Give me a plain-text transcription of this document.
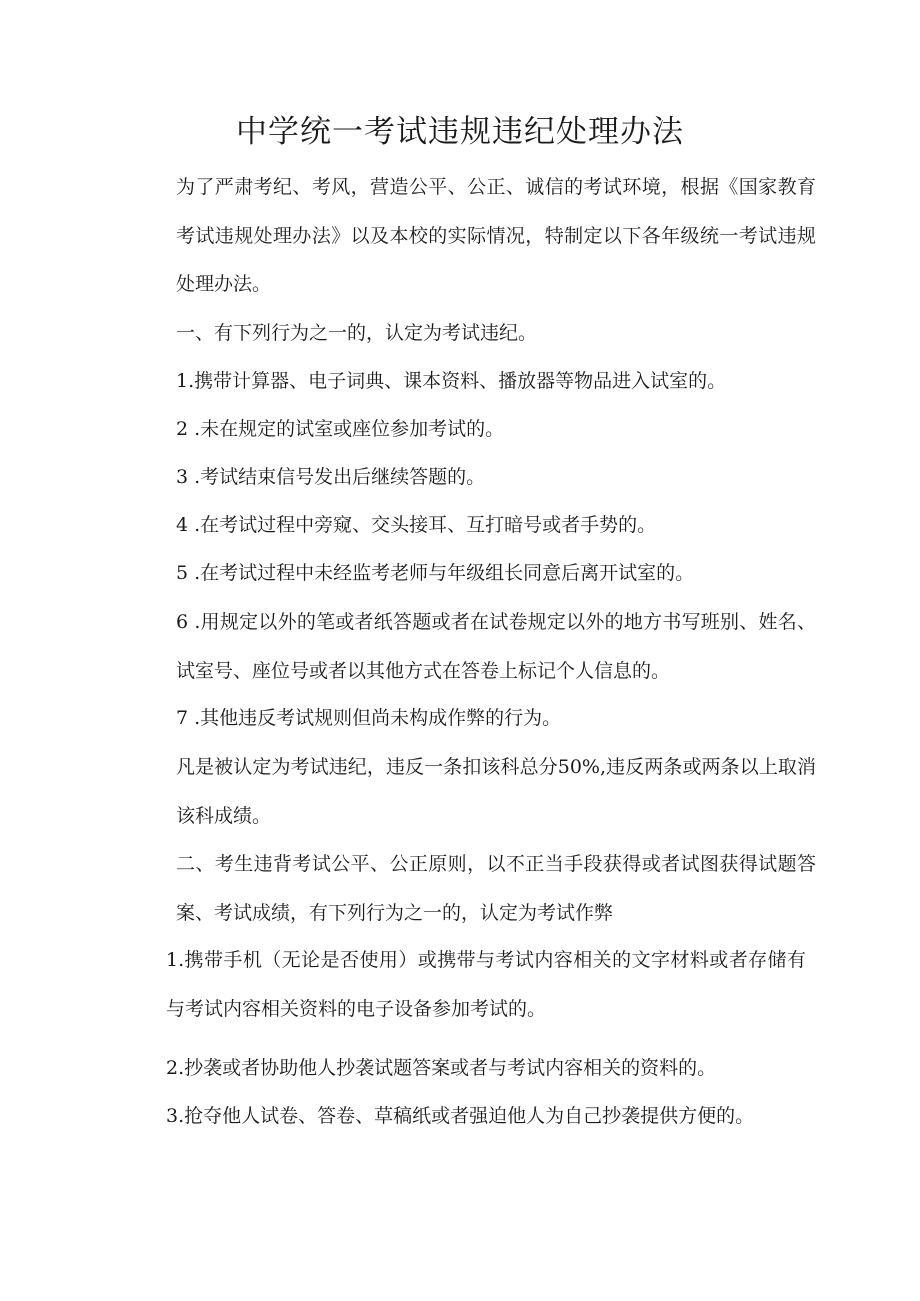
中学统一考试违规违纪处理办法

为了严肃考纪、考风，营造公平、公正、诚信的考试环境，根据《国家教育考试违规处理办法》以及本校的实际情况，特制定以下各年级统一考试违规处理办法。

一、有下列行为之一的，认定为考试违纪。

1.携带计算器、电子词典、课本资料、播放器等物品进入试室的。

2 .未在规定的试室或座位参加考试的。

3 .考试结束信号发出后继续答题的。

4 .在考试过程中旁窥、交头接耳、互打暗号或者手势的。

5 .在考试过程中未经监考老师与年级组长同意后离开试室的。

6 .用规定以外的笔或者纸答题或者在试卷规定以外的地方书写班别、姓名、试室号、座位号或者以其他方式在答卷上标记个人信息的。

7 .其他违反考试规则但尚未构成作弊的行为。

凡是被认定为考试违纪，违反一条扣该科总分50%,违反两条或两条以上取消该科成绩。

二、考生违背考试公平、公正原则，以不正当手段获得或者试图获得试题答案、考试成绩，有下列行为之一的，认定为考试作弊

1.携带手机（无论是否使用）或携带与考试内容相关的文字材料或者存储有与考试内容相关资料的电子设备参加考试的。

2.抄袭或者协助他人抄袭试题答案或者与考试内容相关的资料的。

3.抢夺他人试卷、答卷、草稿纸或者强迫他人为自己抄袭提供方便的。
